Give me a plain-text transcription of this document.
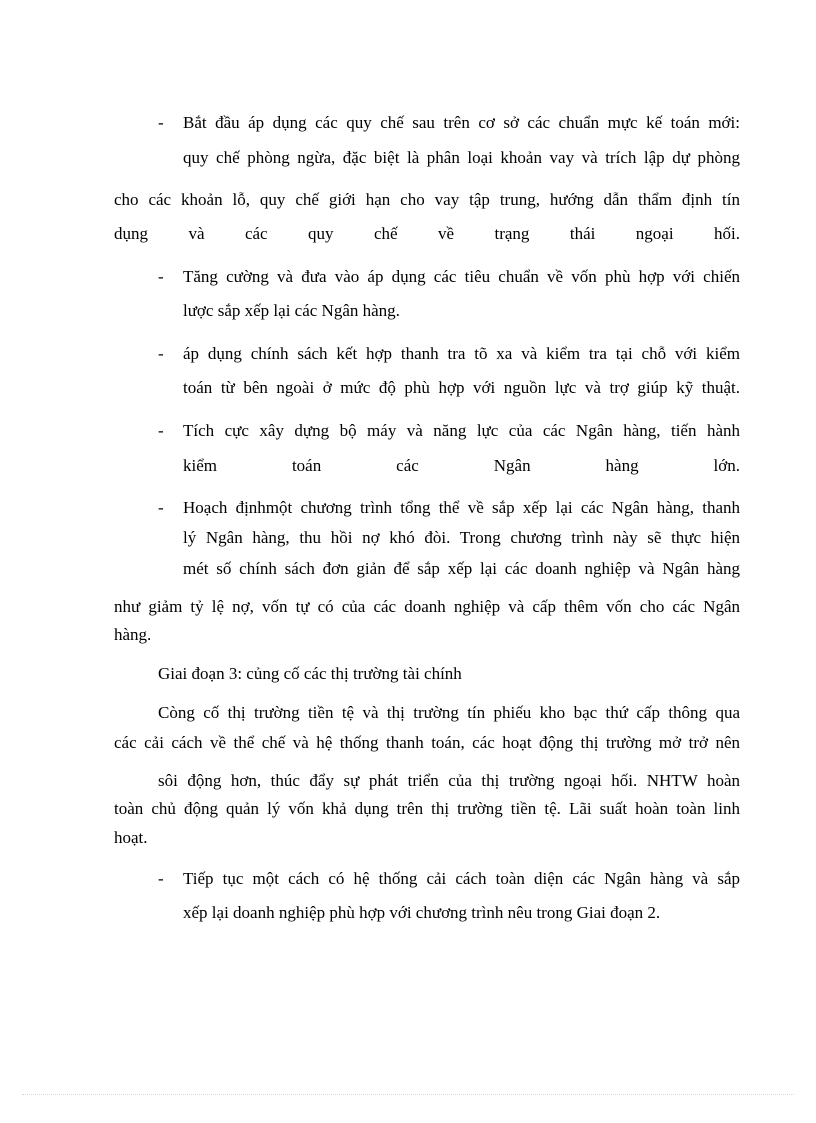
- Bắt đầu áp dụng các quy chế sau trên cơ sở các chuẩn mực kế toán mới:
quy chế phòng ngừa, đặc biệt là phân loại khoản vay và trích lập dự phòng
cho các khoản lỗ, quy chế giới hạn cho vay tập trung, hướng dẫn thẩm định tín
dụng và các quy chế về trạng thái ngoại hối.
- Tăng cường và đưa vào áp dụng các tiêu chuẩn về vốn phù hợp với chiến
lược sắp xếp lại các Ngân hàng.
- áp dụng chính sách kết hợp thanh tra tõ xa và kiểm tra tại chỗ với kiểm
toán từ bên ngoài ở mức độ phù hợp với nguồn lực và trợ giúp kỹ thuật.
- Tích cực xây dựng bộ máy và năng lực của các Ngân hàng, tiến hành
kiểm toán các Ngân hàng lớn.
- Hoạch địnhmột chương trình tổng thể về sắp xếp lại các Ngân hàng, thanh
lý Ngân hàng, thu hồi nợ khó đòi. Trong chương trình này sẽ thực hiện
mét số chính sách đơn giản để sắp xếp lại các doanh nghiệp và Ngân hàng
như giảm tỷ lệ nợ, vốn tự có của các doanh nghiệp và cấp thêm vốn cho các Ngân
hàng.
Giai đoạn 3: củng cố các thị trường tài chính
Còng cố thị trường tiền tệ và thị trường tín phiếu kho bạc thứ cấp thông qua
các cải cách về thể chế và hệ thống thanh toán, các hoạt động thị trường mở trở nên
sôi động hơn, thúc đẩy sự phát triển của thị trường ngoại hối. NHTW hoàn
toàn chủ động quản lý vốn khả dụng trên thị trường tiền tệ. Lãi suất hoàn toàn linh
hoạt.
- Tiếp tục một cách có hệ thống cải cách toàn diện các Ngân hàng và sắp
xếp lại doanh nghiệp phù hợp với chương trình nêu trong Giai đoạn 2.
